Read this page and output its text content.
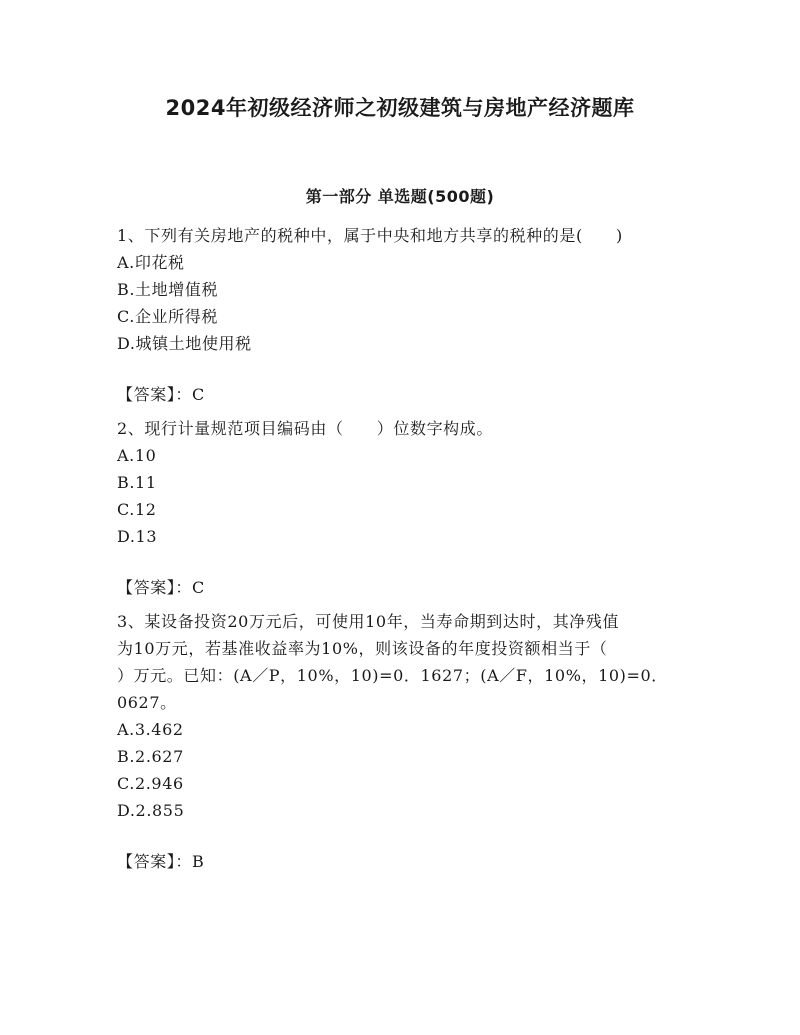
2024年初级经济师之初级建筑与房地产经济题库
第一部分 单选题(500题)

1、下列有关房地产的税种中，属于中央和地方共享的税种的是(　　)

A.印花税

B.土地增值税

C.企业所得税

D.城镇土地使用税

【答案】：C

2、现行计量规范项目编码由（　　）位数字构成。

A.10

B.11

C.12

D.13

【答案】：C

3、某设备投资20万元后，可使用10年，当寿命期到达时，其净残值

为10万元，若基准收益率为10%，则该设备的年度投资额相当于（

）万元。已知：(A／P，10%，10)=0．1627；(A／F，10%，10)=0．

0627。

A.3.462

B.2.627

C.2.946

D.2.855

【答案】：B
